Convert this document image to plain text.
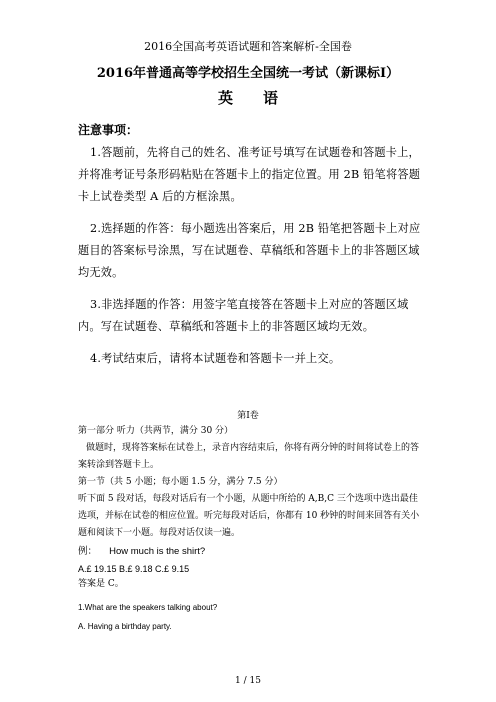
2016全国高考英语试题和答案解析-全国卷
2016年普通高等学校招生全国统一考试（新课标Ⅰ）
英语
注意事项：
1.答题前，先将自己的姓名、准考证号填写在试题卷和答题卡上，并将准考证号条形码粘贴在答题卡上的指定位置。用 2B 铅笔将答题卡上试卷类型 A 后的方框涂黑。
2.选择题的作答：每小题选出答案后，用 2B 铅笔把答题卡上对应题目的答案标号涂黑，写在试题卷、草稿纸和答题卡上的非答题区域均无效。
3.非选择题的作答：用签字笔直接答在答题卡上对应的答题区域内。写在试题卷、草稿纸和答题卡上的非答题区域均无效。
4.考试结束后，请将本试题卷和答题卡一并上交。
第Ⅰ卷
第一部分 听力（共两节，满分 30 分）
做题时，现将答案标在试卷上，录音内容结束后，你将有两分钟的时间将试卷上的答案转涂到答题卡上。
第一节（共 5 小题；每小题 1.5 分，满分 7.5 分）
听下面 5 段对话，每段对话后有一个小题，从题中所给的 A,B,C 三个选项中选出最佳选项，并标在试卷的相应位置。听完每段对话后，你都有 10 秒钟的时间来回答有关小题和阅读下一小题。每段对话仅读一遍。
例： How much is the shirt?
A.£ 19.15 B.£ 9.18 C.£ 9.15
答案是 C。
1.What are the speakers talking about?
A. Having a birthday party.
1 / 15
